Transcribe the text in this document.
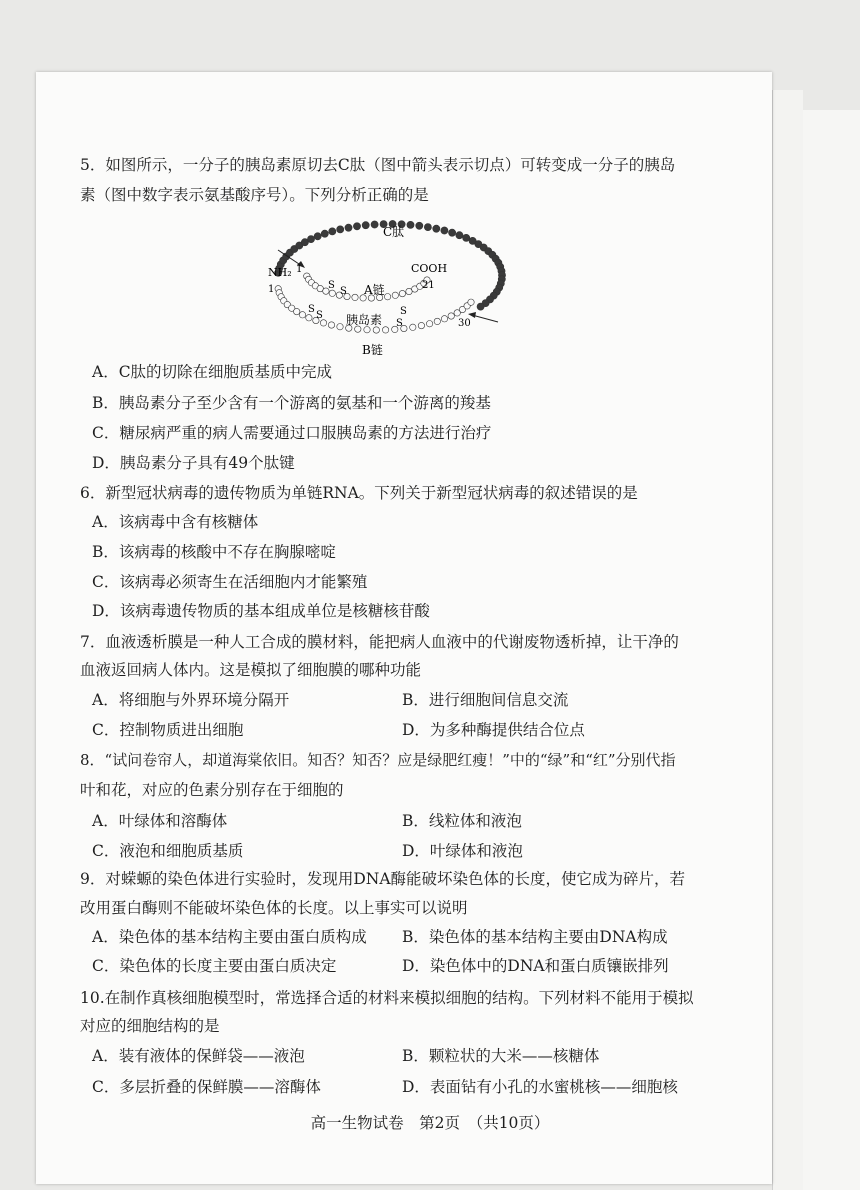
5．如图所示，一分子的胰岛素原切去C肽（图中箭头表示切点）可转变成一分子的胰岛
素（图中数字表示氨基酸序号）。下列分析正确的是
C肽
NH₂ 1
1
COOH
21
30
A链
胰岛素
B链
S
S
S
S	S
S
A．C肽的切除在细胞质基质中完成
B．胰岛素分子至少含有一个游离的氨基和一个游离的羧基
C．糖尿病严重的病人需要通过口服胰岛素的方法进行治疗
D．胰岛素分子具有49个肽键
6．新型冠状病毒的遗传物质为单链RNA。下列关于新型冠状病毒的叙述错误的是
A．该病毒中含有核糖体
B．该病毒的核酸中不存在胸腺嘧啶
C．该病毒必须寄生在活细胞内才能繁殖
D．该病毒遗传物质的基本组成单位是核糖核苷酸
7．血液透析膜是一种人工合成的膜材料，能把病人血液中的代谢废物透析掉，让干净的
血液返回病人体内。这是模拟了细胞膜的哪种功能
A．将细胞与外界环境分隔开	B．进行细胞间信息交流
C．控制物质进出细胞	D．为多种酶提供结合位点
8．“试问卷帘人，却道海棠依旧。知否？知否？应是绿肥红瘦！”中的“绿”和“红”分别代指
叶和花，对应的色素分别存在于细胞的
A．叶绿体和溶酶体	B．线粒体和液泡
C．液泡和细胞质基质	D．叶绿体和液泡
9．对蝾螈的染色体进行实验时，发现用DNA酶能破坏染色体的长度，使它成为碎片，若
改用蛋白酶则不能破坏染色体的长度。以上事实可以说明
A．染色体的基本结构主要由蛋白质构成 B．染色体的基本结构主要由DNA构成
C．染色体的长度主要由蛋白质决定	D．染色体中的DNA和蛋白质镶嵌排列
10.在制作真核细胞模型时，常选择合适的材料来模拟细胞的结构。下列材料不能用于模拟
对应的细胞结构的是
A．装有液体的保鲜袋——液泡	B．颗粒状的大米——核糖体
C．多层折叠的保鲜膜——溶酶体	D．表面钻有小孔的水蜜桃核——细胞核
高一生物试卷　第2页　（共10页）
